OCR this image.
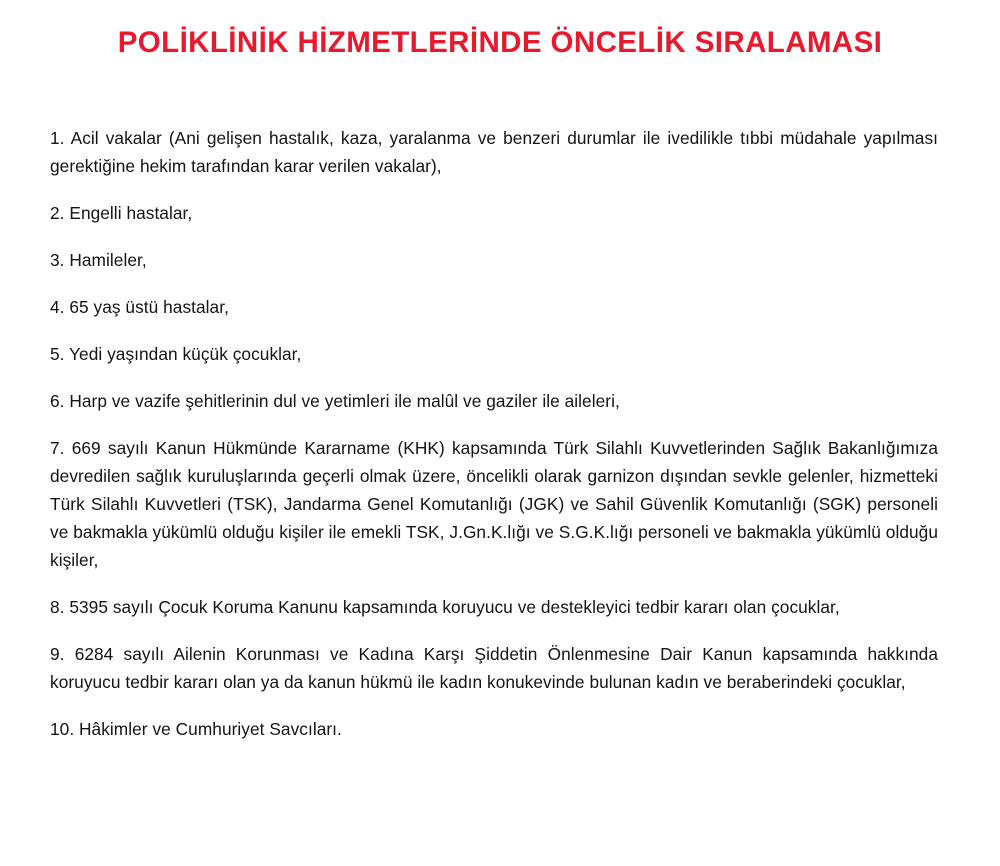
POLİKLİNİK HİZMETLERİNDE ÖNCELİK SIRALAMASI

1. Acil vakalar (Ani gelişen hastalık, kaza, yaralanma ve benzeri durumlar ile ivedilikle tıbbi müdahale yapılması gerektiğine hekim tarafından karar verilen vakalar),

2. Engelli hastalar,

3. Hamileler,

4. 65 yaş üstü hastalar,

5. Yedi yaşından küçük çocuklar,

6. Harp ve vazife şehitlerinin dul ve yetimleri ile malûl ve gaziler ile aileleri,

7. 669 sayılı Kanun Hükmünde Kararname (KHK) kapsamında Türk Silahlı Kuvvetlerinden Sağlık Bakanlığımıza devredilen sağlık kuruluşlarında geçerli olmak üzere, öncelikli olarak garnizon dışından sevkle gelenler, hizmetteki Türk Silahlı Kuvvetleri (TSK), Jandarma Genel Komutanlığı (JGK) ve Sahil Güvenlik Komutanlığı (SGK) personeli ve bakmakla yükümlü olduğu kişiler ile emekli TSK, J.Gn.K.lığı ve S.G.K.lığı personeli ve bakmakla yükümlü olduğu kişiler,

8. 5395 sayılı Çocuk Koruma Kanunu kapsamında koruyucu ve destekleyici tedbir kararı olan çocuklar,

9. 6284 sayılı Ailenin Korunması ve Kadına Karşı Şiddetin Önlenmesine Dair Kanun kapsamında hakkında koruyucu tedbir kararı olan ya da kanun hükmü ile kadın konukevinde bulunan kadın ve beraberindeki çocuklar,

10. Hâkimler ve Cumhuriyet Savcıları.
